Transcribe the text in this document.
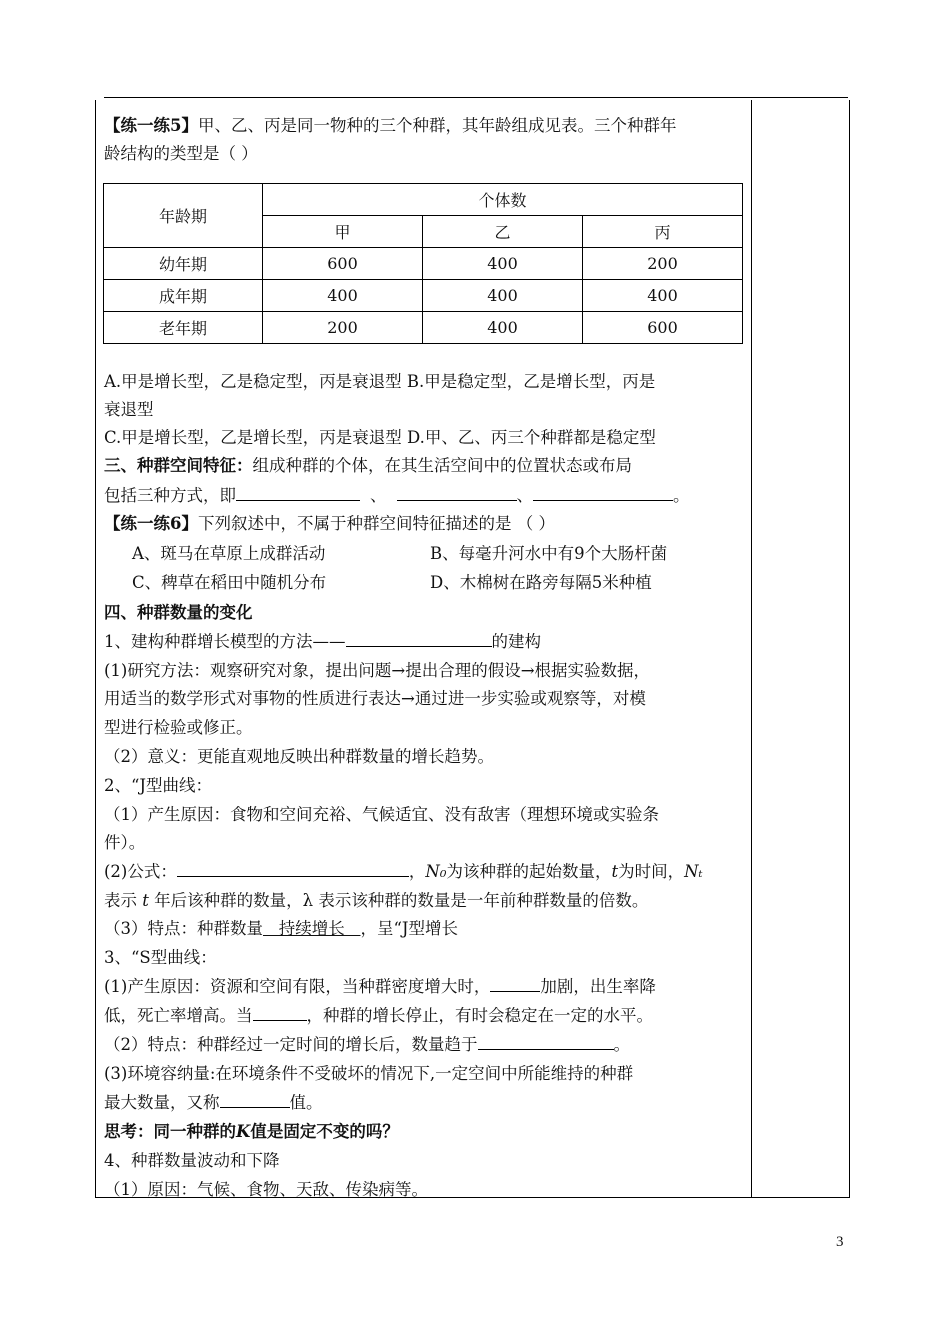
【练一练5】甲、乙、丙是同一物种的三个种群，其年龄组成见表。三个种群年
龄结构的类型是（ ）
A.甲是增长型，乙是稳定型，丙是衰退型 B.甲是稳定型，乙是增长型，丙是
衰退型
C.甲是增长型，乙是增长型，丙是衰退型 D.甲、乙、丙三个种群都是稳定型
三、种群空间特征：组成种群的个体，在其生活空间中的位置状态或布局
包括三种方式，即	、	、	。
【练一练6】下列叙述中，不属于种群空间特征描述的是 （ ）
A、斑马在草原上成群活动	B、每毫升河水中有9个大肠杆菌
C、稗草在稻田中随机分布	D、木棉树在路旁每隔5米种植
四、种群数量的变化
1、建构种群增长模型的方法——	的建构
(1)研究方法：观察研究对象，提出问题→提出合理的假设→根据实验数据，
用适当的数学形式对事物的性质进行表达→通过进一步实验或观察等，对模
型进行检验或修正。
（2）意义：更能直观地反映出种群数量的增长趋势。
2、“J型曲线：
（1）产生原因：食物和空间充裕、气候适宜、没有敌害（理想环境或实验条
件）。
(2)公式：	，N₀为该种群的起始数量，t为时间，Nₜ
表示 t 年后该种群的数量，λ 表示该种群的数量是一年前种群数量的倍数。
（3）特点：种群数量   持续增长   ，呈“J型增长
3、“S型曲线：
(1)产生原因：资源和空间有限，当种群密度增大时，	加剧，出生率降
低，死亡率增高。当	，种群的增长停止，有时会稳定在一定的水平。
（2）特点：种群经过一定时间的增长后，数量趋于	。
(3)环境容纳量:在环境条件不受破坏的情况下,一定空间中所能维持的种群
最大数量，又称	值。
思考：同一种群的K值是固定不变的吗？
4、种群数量波动和下降
（1）原因：气候、食物、天敌、传染病等。
年龄期	个体数		
	甲	乙	丙
幼年期	600	400	200
成年期	400	400	400
老年期	200	400	600
3
